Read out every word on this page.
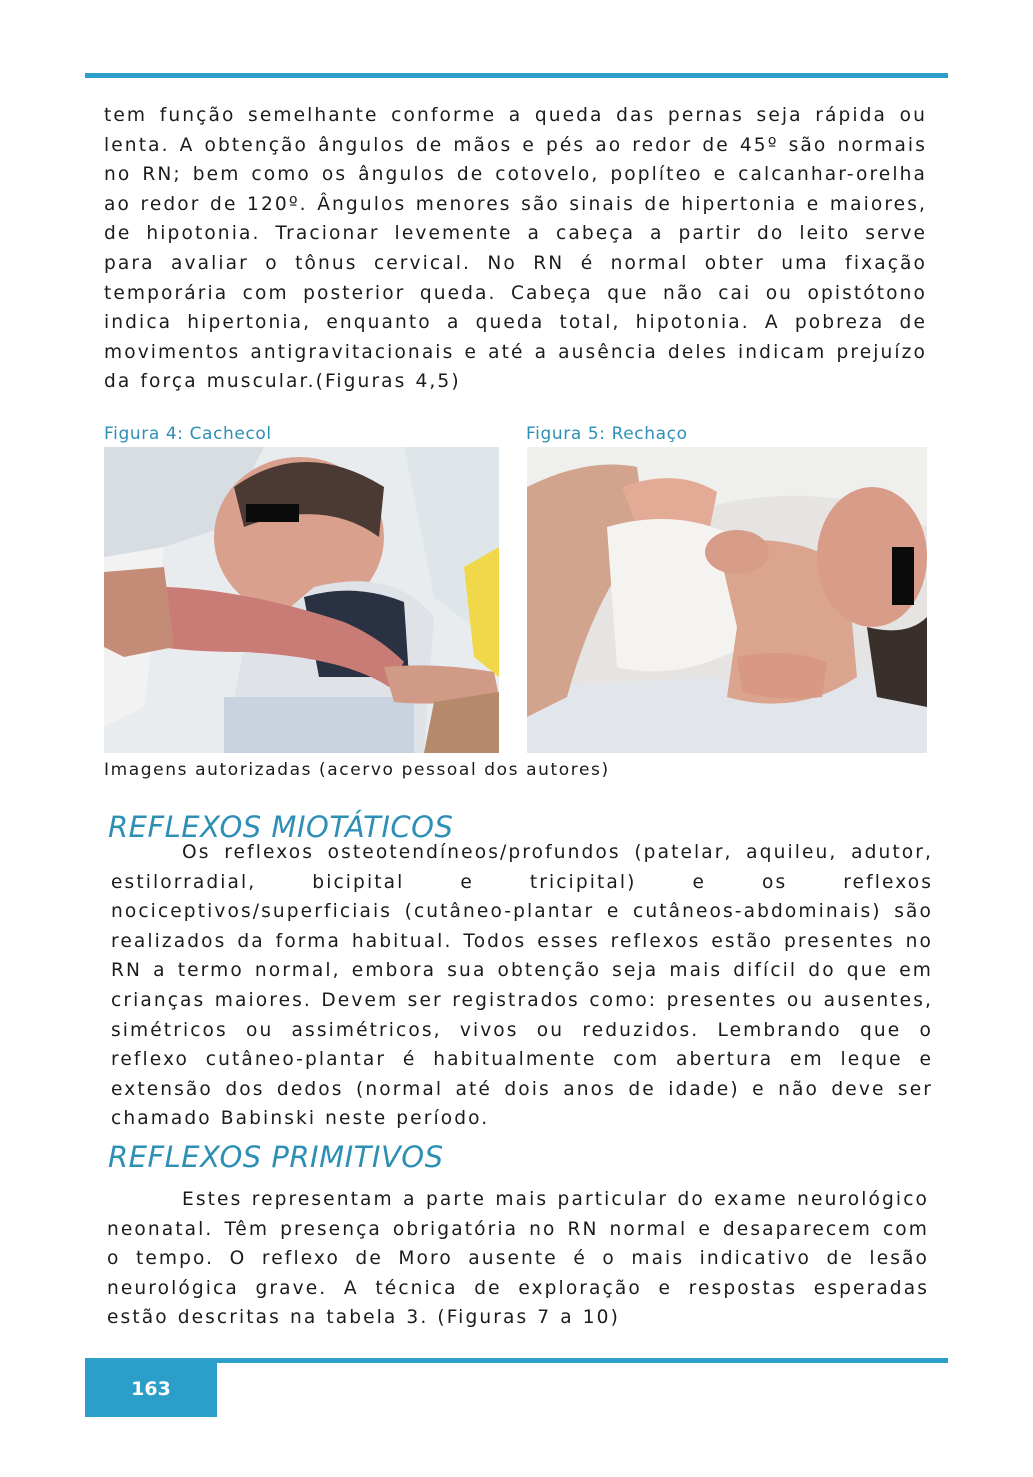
tem função semelhante conforme a queda das pernas seja rápida ou lenta. A obtenção ângulos de mãos e pés ao redor de 45º são normais no RN; bem como os ângulos de cotovelo, poplíteo e calcanhar-orelha ao redor de 120º. Ângulos menores são sinais de hipertonia e maiores, de hipotonia. Tracionar levemente a cabeça a partir do leito serve para avaliar o tônus cervical. No RN é normal obter uma fixação temporária com posterior queda. Cabeça que não cai ou opistótono indica hipertonia, enquanto a queda total, hipotonia. A pobreza de movimentos antigravitacionais e até a ausência deles indicam prejuízo da força muscular.(Figuras 4,5)

Figura 4: Cachecol	Figura 5: Rechaço
Imagens autorizadas (acervo pessoal dos autores)
REFLEXOS MIOTÁTICOS

Os reflexos osteotendíneos/profundos (patelar, aquileu, adutor, estilorradial, bicipital e tricipital) e os reflexos nociceptivos/superficiais (cutâneo-plantar e cutâneos-abdominais) são realizados da forma habitual. Todos esses reflexos estão presentes no RN a termo normal, embora sua obtenção seja mais difícil do que em crianças maiores. Devem ser registrados como: presentes ou ausentes, simétricos ou assimétricos, vivos ou reduzidos. Lembrando que o reflexo cutâneo-plantar é habitualmente com abertura em leque e extensão dos dedos (normal até dois anos de idade) e não deve ser chamado Babinski neste período.

REFLEXOS PRIMITIVOS

Estes representam a parte mais particular do exame neurológico neonatal. Têm presença obrigatória no RN normal e desaparecem com o tempo. O reflexo de Moro ausente é o mais indicativo de lesão neurológica grave. A técnica de exploração e respostas esperadas estão descritas na tabela 3. (Figuras 7 a 10)

163
